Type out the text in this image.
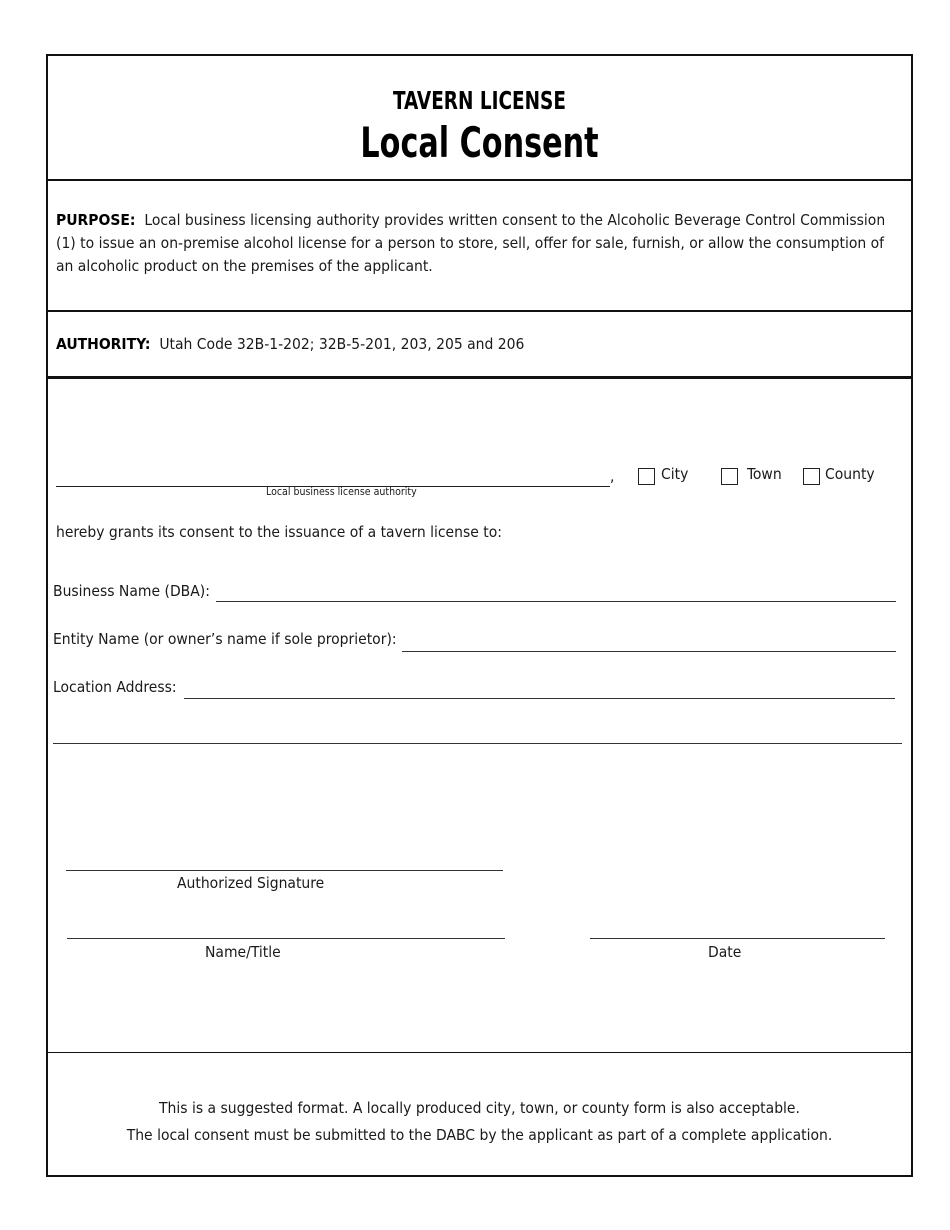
TAVERN LICENSE
Local Consent
PURPOSE: Local business licensing authority provides written consent to the Alcoholic Beverage Control Commission (1) to issue an on-premise alcohol license for a person to store, sell, offer for sale, furnish, or allow the consumption of an alcoholic product on the premises of the applicant.
AUTHORITY: Utah Code 32B-1-202; 32B-5-201, 203, 205 and 206
,
Local business license authority
City	Town	County
hereby grants its consent to the issuance of a tavern license to:
Business Name (DBA):
Entity Name (or owner’s name if sole proprietor):
Location Address:
Authorized Signature
Name/Title	Date
This is a suggested format. A locally produced city, town, or county form is also acceptable.
The local consent must be submitted to the DABC by the applicant as part of a complete application.
